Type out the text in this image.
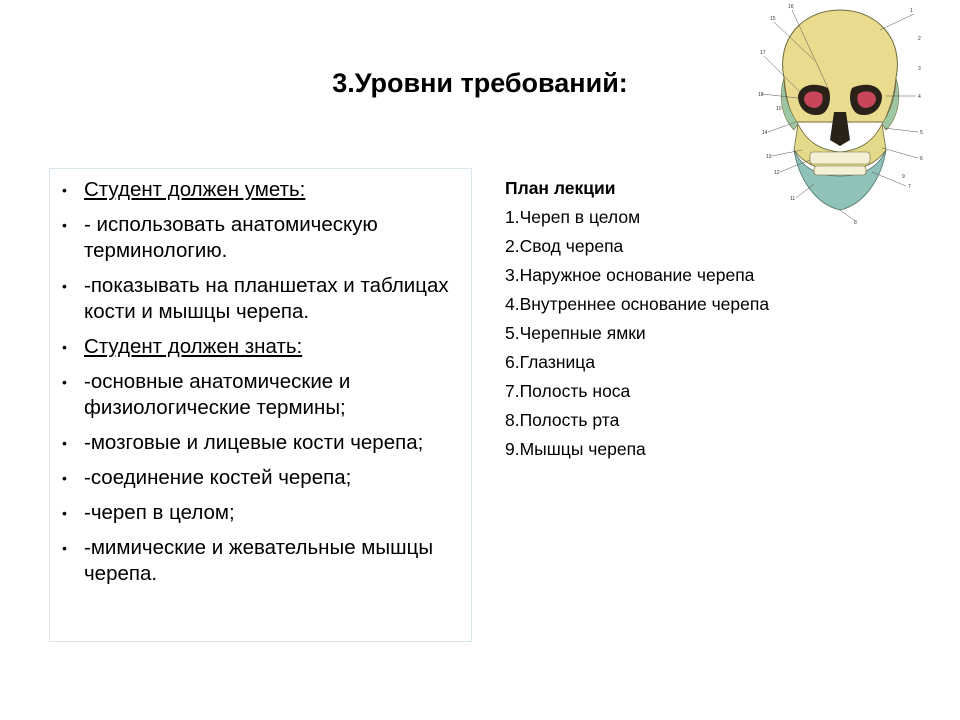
3.Уровни требований:
• Студент должен уметь:
• - использовать анатомическую терминологию.
• -показывать на планшетах и таблицах кости и мышцы черепа.
• Студент должен знать:
• -основные анатомические и физиологические термины;
• -мозговые и лицевые кости черепа;
• -соединение костей черепа;
• -череп в целом;
• -мимические и жевательные мышцы черепа.
План лекции
1.Череп в целом
2.Свод черепа
3.Наружное основание черепа
4.Внутреннее основание черепа
5.Черепные ямки
6.Глазница
7.Полость носа
8.Полость рта
9.Мышцы черепа
15
16
17
18
14
13
12
11
1
2
3
4
5
6
7
8
9
10
